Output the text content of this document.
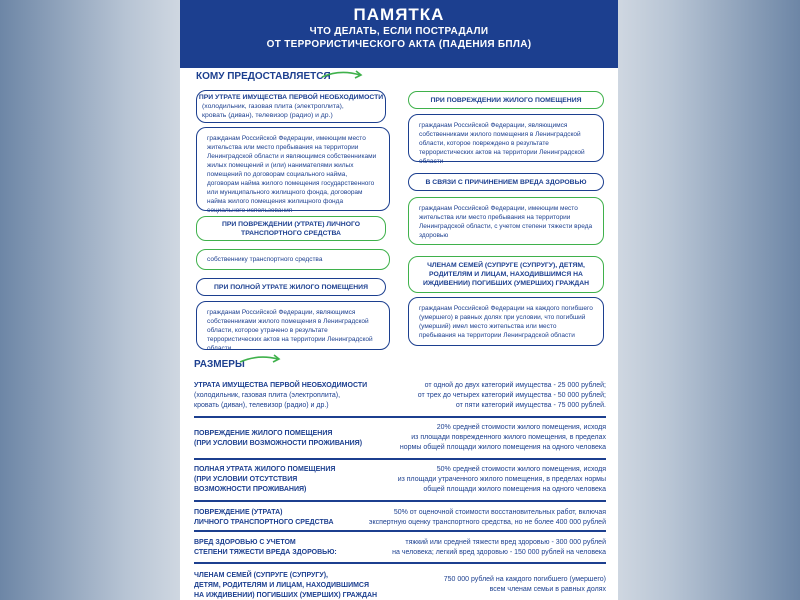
ПАМЯТКА
ЧТО ДЕЛАТЬ, ЕСЛИ ПОСТРАДАЛИ
ОТ ТЕРРОРИСТИЧЕСКОГО АКТА (ПАДЕНИЯ БПЛА)
КОМУ ПРЕДОСТАВЛЯЕТСЯ
ПРИ УТРАТЕ ИМУЩЕСТВА ПЕРВОЙ НЕОБХОДИМОСТИ
(холодильник, газовая плита (электроплита),
кровать (диван), телевизор (радио) и др.)
гражданам Российской Федерации, имеющим место жительства или место пребывания на территории Ленинградской области и являющимся собственниками жилых помещений и (или) нанимателями жилых помещений по договорам социального найма, договорам найма жилого помещения государственного или муниципального жилищного фонда, договорам найма жилого помещения жилищного фонда социального использования
ПРИ ПОВРЕЖДЕНИИ (УТРАТЕ) ЛИЧНОГО
ТРАНСПОРТНОГО СРЕДСТВА
собственнику транспортного средства
ПРИ ПОЛНОЙ УТРАТЕ ЖИЛОГО ПОМЕЩЕНИЯ
гражданам Российской Федерации, являющимся собственниками жилого помещения в Ленинградской области, которое утрачено в результате террористических актов на территории Ленинградской области
ПРИ ПОВРЕЖДЕНИИ ЖИЛОГО ПОМЕЩЕНИЯ
гражданам Российской Федерации, являющимся собственниками жилого помещения в Ленинградской области, которое повреждено в результате террористических актов на территории Ленинградской области
В СВЯЗИ С ПРИЧИНЕНИЕМ ВРЕДА ЗДОРОВЬЮ
гражданам Российской Федерации, имеющим место жительства или место пребывания на территории Ленинградской области, с учетом степени тяжести вреда здоровью
ЧЛЕНАМ СЕМЕЙ (СУПРУГЕ (СУПРУГУ), ДЕТЯМ,
РОДИТЕЛЯМ И ЛИЦАМ, НАХОДИВШИМСЯ НА
ИЖДИВЕНИИ) ПОГИБШИХ (УМЕРШИХ) ГРАЖДАН
гражданам Российской Федерации на каждого погибшего (умершего) в равных долях при условии, что погибший (умерший) имел место жительства или место пребывания на территории Ленинградской области
РАЗМЕРЫ
УТРАТА ИМУЩЕСТВА ПЕРВОЙ НЕОБХОДИМОСТИ
(холодильник, газовая плита (электроплита),
кровать (диван), телевизор (радио) и др.)
от одной до двух категорий имущества - 25 000 рублей;
от трех до четырех категорий имущества - 50 000 рублей;
от пяти категорий имущества - 75 000 рублей.
ПОВРЕЖДЕНИЕ ЖИЛОГО ПОМЕЩЕНИЯ
(ПРИ УСЛОВИИ ВОЗМОЖНОСТИ ПРОЖИВАНИЯ)
20% средней стоимости жилого помещения, исходя
из площади поврежденного жилого помещения, в пределах
нормы общей площади жилого помещения на одного человека
ПОЛНАЯ УТРАТА ЖИЛОГО ПОМЕЩЕНИЯ
(ПРИ УСЛОВИИ ОТСУТСТВИЯ
ВОЗМОЖНОСТИ ПРОЖИВАНИЯ)
50% средней стоимости жилого помещения, исходя
из площади утраченного жилого помещения, в пределах нормы
общей площади жилого помещения на одного человека
ПОВРЕЖДЕНИЕ (УТРАТА)
ЛИЧНОГО ТРАНСПОРТНОГО СРЕДСТВА
50% от оценочной стоимости восстановительных работ, включая
экспертную оценку транспортного средства, но не более 400 000 рублей
ВРЕД ЗДОРОВЬЮ С УЧЕТОМ
СТЕПЕНИ ТЯЖЕСТИ ВРЕДА ЗДОРОВЬЮ:
тяжкий или средней тяжести вред здоровью - 300 000 рублей
на человека; легкий вред здоровью - 150 000 рублей на человека
ЧЛЕНАМ СЕМЕЙ (СУПРУГЕ (СУПРУГУ),
ДЕТЯМ, РОДИТЕЛЯМ И ЛИЦАМ, НАХОДИВШИМСЯ
НА ИЖДИВЕНИИ) ПОГИБШИХ (УМЕРШИХ) ГРАЖДАН
750 000 рублей на каждого погибшего (умершего)
всем членам семьи в равных долях
